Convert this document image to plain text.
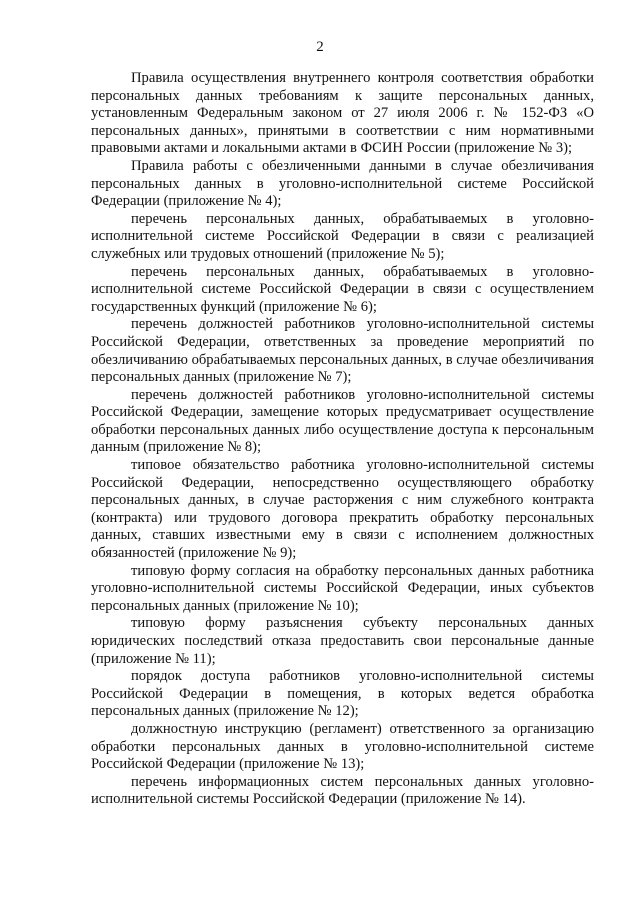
2

Правила осуществления внутреннего контроля соответствия обработки персональных данных требованиям к защите персональных данных, установленным Федеральным законом от 27 июля 2006 г. № 152-ФЗ «О персональных данных», принятыми в соответствии с ним нормативными правовыми актами и локальными актами в ФСИН России (приложение № 3);

Правила работы с обезличенными данными в случае обезличивания персональных данных в уголовно-исполнительной системе Российской Федерации (приложение № 4);

перечень персональных данных, обрабатываемых в уголовно-исполнительной системе Российской Федерации в связи с реализацией служебных или трудовых отношений (приложение № 5);

перечень персональных данных, обрабатываемых в уголовно-исполнительной системе Российской Федерации в связи с осуществлением государственных функций (приложение № 6);

перечень должностей работников уголовно-исполнительной системы Российской Федерации, ответственных за проведение мероприятий по обезличиванию обрабатываемых персональных данных, в случае обезличивания персональных данных (приложение № 7);

перечень должностей работников уголовно-исполнительной системы Российской Федерации, замещение которых предусматривает осуществление обработки персональных данных либо осуществление доступа к персональным данным (приложение № 8);

типовое обязательство работника уголовно-исполнительной системы Российской Федерации, непосредственно осуществляющего обработку персональных данных, в случае расторжения с ним служебного контракта (контракта) или трудового договора прекратить обработку персональных данных, ставших известными ему в связи с исполнением должностных обязанностей (приложение № 9);

типовую форму согласия на обработку персональных данных работника уголовно-исполнительной системы Российской Федерации, иных субъектов персональных данных (приложение № 10);

типовую форму разъяснения субъекту персональных данных юридических последствий отказа предоставить свои персональные данные (приложение № 11);

порядок доступа работников уголовно-исполнительной системы Российской Федерации в помещения, в которых ведется обработка персональных данных (приложение № 12);

должностную инструкцию (регламент) ответственного за организацию обработки персональных данных в уголовно-исполнительной системе Российской Федерации (приложение № 13);

перечень информационных систем персональных данных уголовно-исполнительной системы Российской Федерации (приложение № 14).
